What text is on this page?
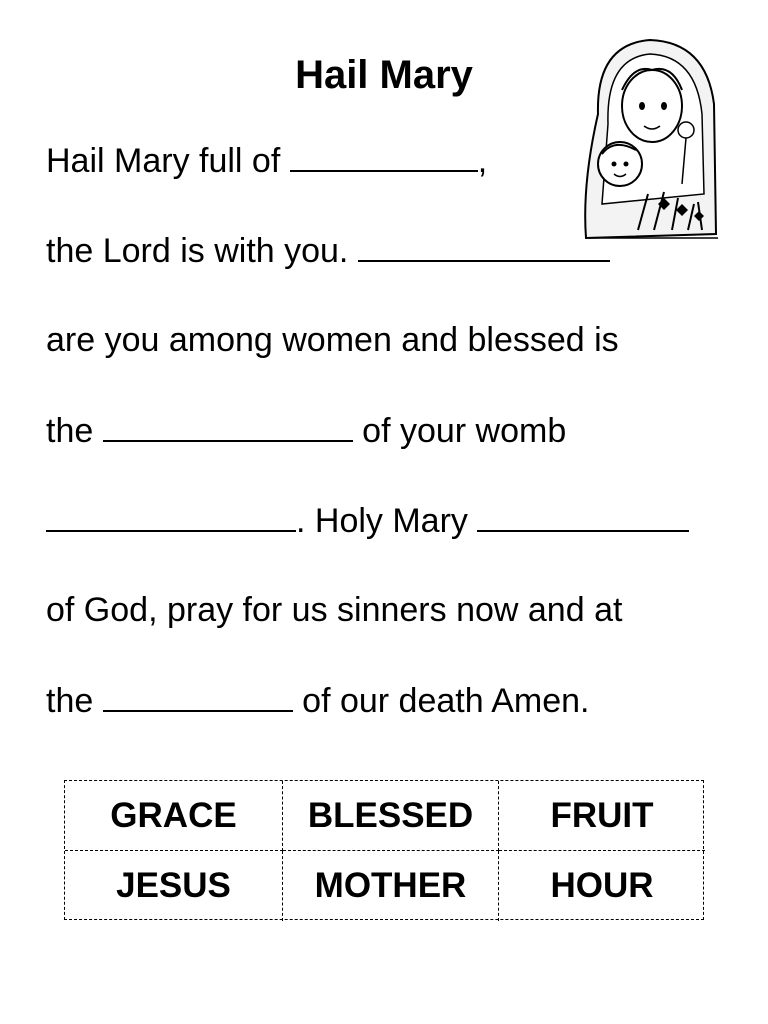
Hail Mary
Hail Mary full of	,
the Lord is with you.
are you among women and blessed is
the	of your womb
. Holy Mary
of God, pray for us sinners now and at
the	of our death Amen.
GRACE	BLESSED	FRUIT
JESUS	MOTHER	HOUR
